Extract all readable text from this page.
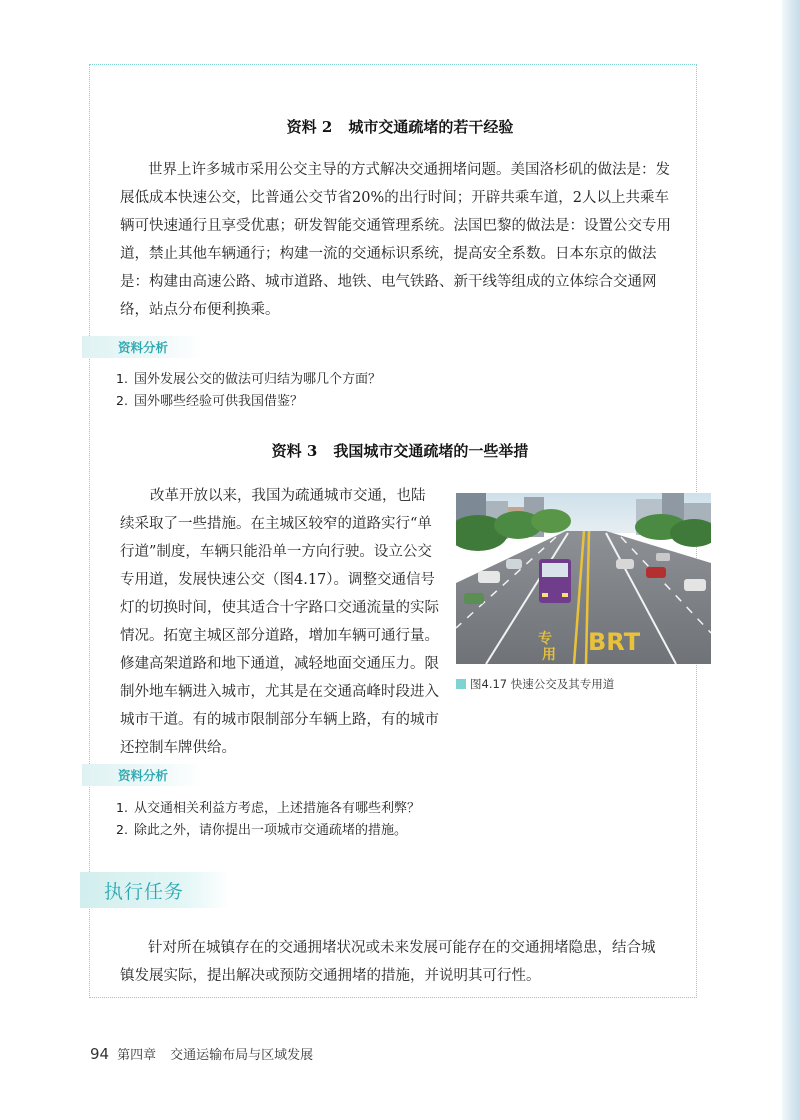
资料 2 城市交通疏堵的若干经验

世界上许多城市采用公交主导的方式解决交通拥堵问题。美国洛杉矶的做法是：发
展低成本快速公交，比普通公交节省20%的出行时间；开辟共乘车道，2人以上共乘车
辆可快速通行且享受优惠；研发智能交通管理系统。法国巴黎的做法是：设置公交专用
道，禁止其他车辆通行；构建一流的交通标识系统，提高安全系数。日本东京的做法
是：构建由高速公路、城市道路、地铁、电气铁路、新干线等组成的立体综合交通网
络，站点分布便利换乘。

资料分析
1. 国外发展公交的做法可归结为哪几个方面？
2. 国外哪些经验可供我国借鉴？
资料 3 我国城市交通疏堵的一些举措

改革开放以来，我国为疏通城市交通，也陆
续采取了一些措施。在主城区较窄的道路实行“单
行道”制度，车辆只能沿单一方向行驶。设立公交
专用道，发展快速公交（图4.17）。调整交通信号
灯的切换时间，使其适合十字路口交通流量的实际
情况。拓宽主城区部分道路，增加车辆可通行量。
修建高架道路和地下通道，减轻地面交通压力。限
制外地车辆进入城市，尤其是在交通高峰时段进入
城市干道。有的城市限制部分车辆上路，有的城市
还控制车牌供给。

BRT
专
用
图4.17 快速公交及其专用道
资料分析
1. 从交通相关利益方考虑，上述措施各有哪些利弊？
2. 除此之外，请你提出一项城市交通疏堵的措施。
执行任务

针对所在城镇存在的交通拥堵状况或未来发展可能存在的交通拥堵隐患，结合城
镇发展实际，提出解决或预防交通拥堵的措施，并说明其可行性。

94 第四章 交通运输布局与区域发展
